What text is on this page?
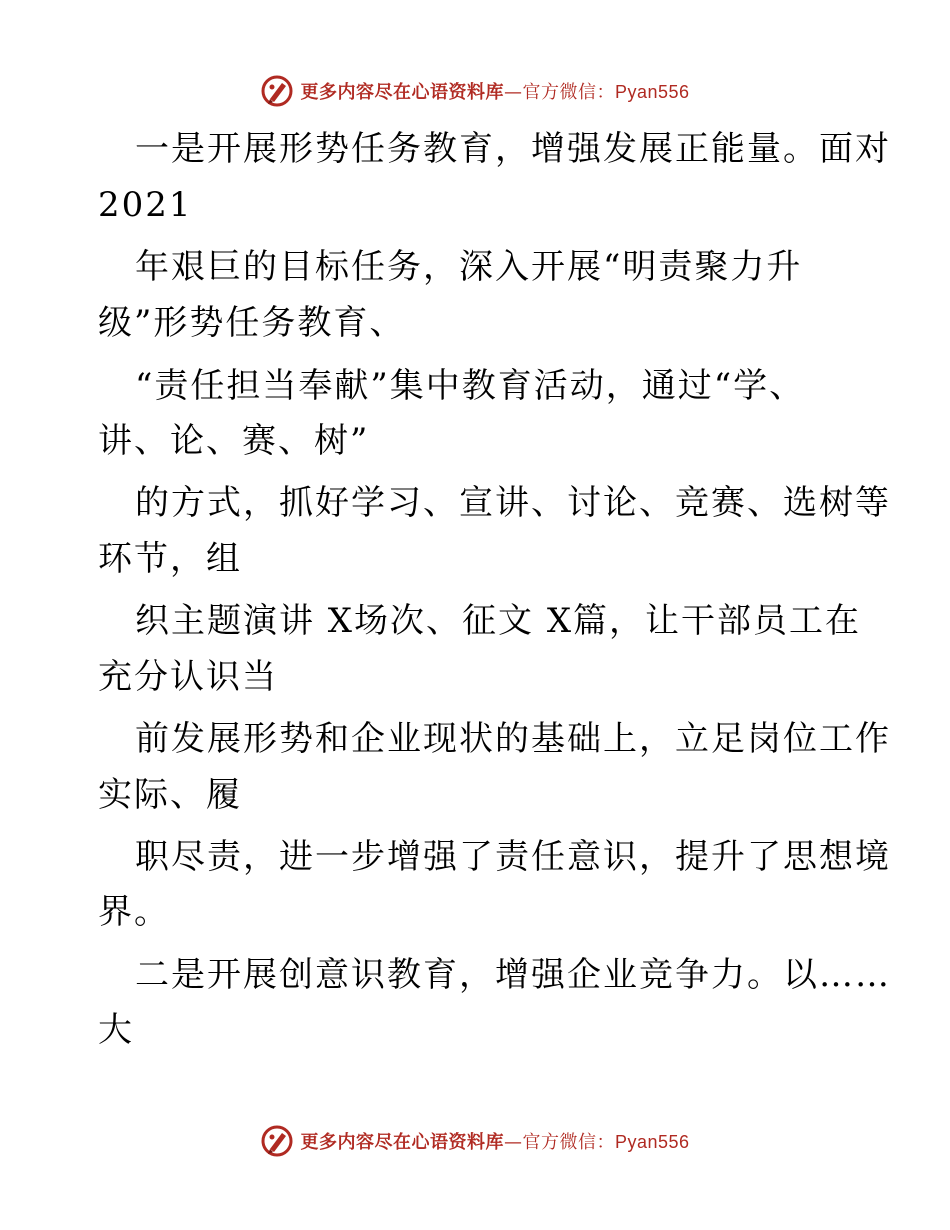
更多内容尽在心语资料库—官方微信：Pyan556
一是开展形势任务教育，增强发展正能量。面对
2021
年艰巨的目标任务，深入开展“明责聚力升
级”形势任务教育、
“责任担当奉献”集中教育活动，通过“学、
讲、论、赛、树”
的方式，抓好学习、宣讲、讨论、竞赛、选树等
环节，组
织主题演讲 X场次、征文 X篇，让干部员工在
充分认识当
前发展形势和企业现状的基础上，立足岗位工作
实际、履
职尽责，进一步增强了责任意识，提升了思想境
界。
二是开展创意识教育，增强企业竞争力。以……
大
更多内容尽在心语资料库—官方微信：Pyan556
